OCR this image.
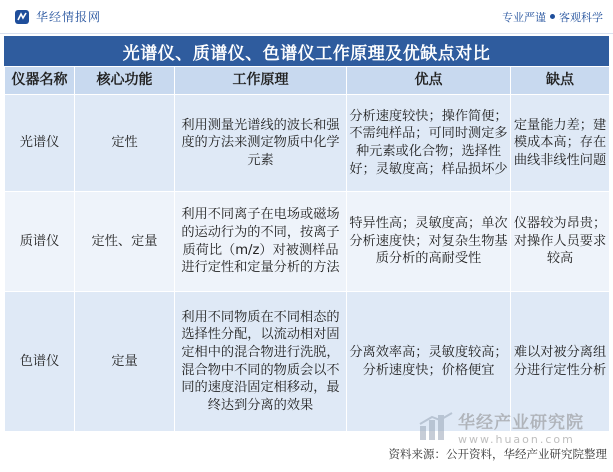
华经情报网	专业严谨 客观科学
光谱仪、质谱仪、色谱仪工作原理及优缺点对比
仪器名称	核心功能	工作原理	优点	缺点
光谱仪	定性	利用测量光谱线的波长和强度的方法来测定物质中化学元素	分析速度较快；操作简便；不需纯样品；可同时测定多种元素或化合物；选择性好；灵敏度高；样品损坏少	定量能力差；建模成本高；存在曲线非线性问题
质谱仪	定性、定量	利用不同离子在电场或磁场的运动行为的不同，按离子质荷比（m/z）对被测样品进行定性和定量分析的方法	特异性高；灵敏度高；单次分析速度快；对复杂生物基质分析的高耐受性	仪器较为昂贵；对操作人员要求较高
色谱仪	定量	利用不同物质在不同相态的选择性分配，以流动相对固定相中的混合物进行洗脱，混合物中不同的物质会以不同的速度沿固定相移动，最终达到分离的效果	分离效率高；灵敏度较高；分析速度快；价格便宜	难以对被分离组分进行定性分析
华经产业研究院
www.huaon.com
资料来源：公开资料，华经产业研究院整理
